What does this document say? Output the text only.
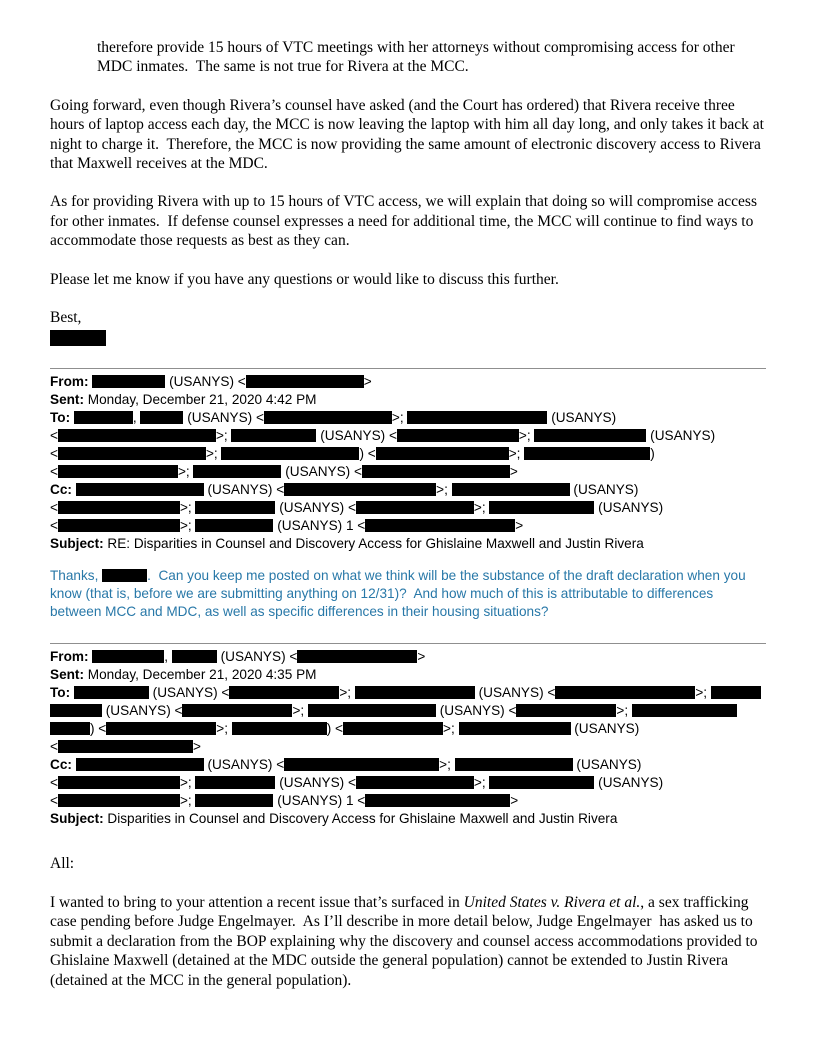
therefore provide 15 hours of VTC meetings with her attorneys without compromising access for other MDC inmates.  The same is not true for Rivera at the MCC.

Going forward, even though Rivera’s counsel have asked (and the Court has ordered) that Rivera receive three hours of laptop access each day, the MCC is now leaving the laptop with him all day long, and only takes it back at night to charge it.  Therefore, the MCC is now providing the same amount of electronic discovery access to Rivera that Maxwell receives at the MDC.

As for providing Rivera with up to 15 hours of VTC access, we will explain that doing so will compromise access for other inmates.  If defense counsel expresses a need for additional time, the MCC will continue to find ways to accommodate those requests as best as they can.

Please let me know if you have any questions or would like to discuss this further.

Best,

From:	(USANYS) <	>
Sent: Monday, December 21, 2020 4:42 PM
To:	,	(USANYS) <	>;	(USANYS)
<	>;	(USANYS) <	>;	(USANYS)
<	>;	) <	>;	)
<	>;	(USANYS) <	>
Cc:	(USANYS) <	>;	(USANYS)
<	>;	(USANYS) <	>;	(USANYS)
<	>;	(USANYS) 1 <	>
Subject: RE: Disparities in Counsel and Discovery Access for Ghislaine Maxwell and Justin Rivera

Thanks,	.  Can you keep me posted on what we think will be the substance of the draft declaration when you know (that is, before we are submitting anything on 12/31)?  And how much of this is attributable to differences between MCC and MDC, as well as specific differences in their housing situations?

From:	,	(USANYS) <	>
Sent: Monday, December 21, 2020 4:35 PM
To:	(USANYS) <	>;	(USANYS) <	>;
(USANYS) <	>;	(USANYS) <	>;
) <	>;	) <	>;	(USANYS)
<	>
Cc:	(USANYS) <	>;	(USANYS)
<	>;	(USANYS) <	>;	(USANYS)
<	>;	(USANYS) 1 <	>
Subject: Disparities in Counsel and Discovery Access for Ghislaine Maxwell and Justin Rivera

All:

I wanted to bring to your attention a recent issue that’s surfaced in United States v. Rivera et al., a sex trafficking case pending before Judge Engelmayer.  As I’ll describe in more detail below, Judge Engelmayer  has asked us to submit a declaration from the BOP explaining why the discovery and counsel access accommodations provided to Ghislaine Maxwell (detained at the MDC outside the general population) cannot be extended to Justin Rivera (detained at the MCC in the general population).
